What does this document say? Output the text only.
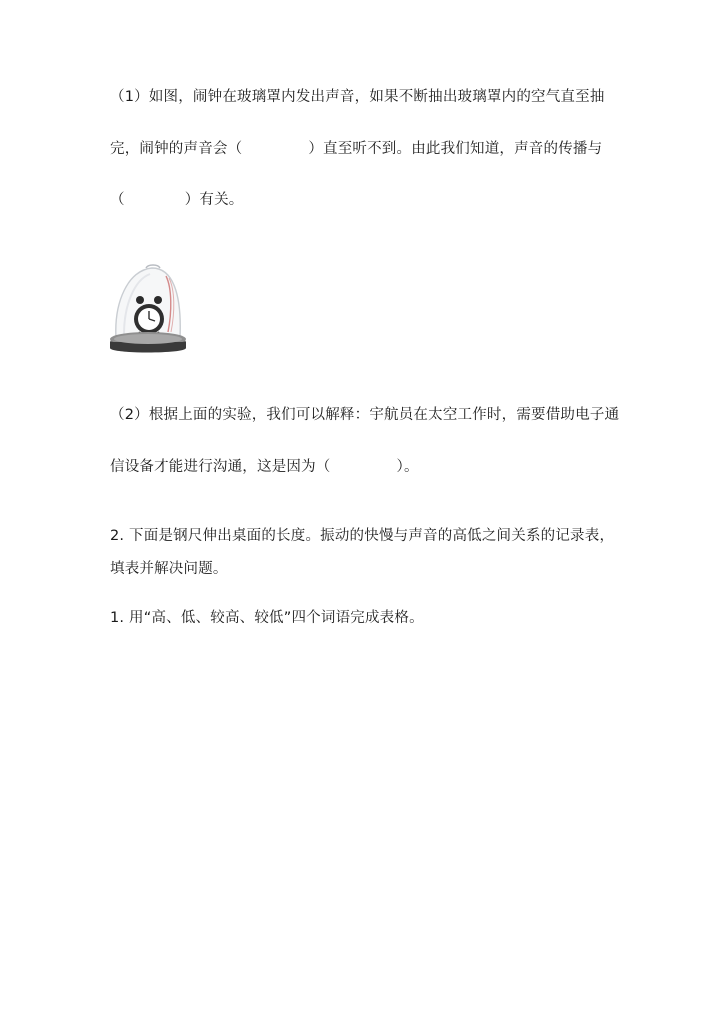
（1）如图，闹钟在玻璃罩内发出声音，如果不断抽出玻璃罩内的空气直至抽
完，闹钟的声音会（	）直至听不到。由此我们知道，声音的传播与
（	）有关。
（2）根据上面的实验，我们可以解释：宇航员在太空工作时，需要借助电子通
信设备才能进行沟通，这是因为（	）。
2. 下面是钢尺伸出桌面的长度。振动的快慢与声音的高低之间关系的记录表，
填表并解决问题。
1. 用“高、低、较高、较低”四个词语完成表格。
